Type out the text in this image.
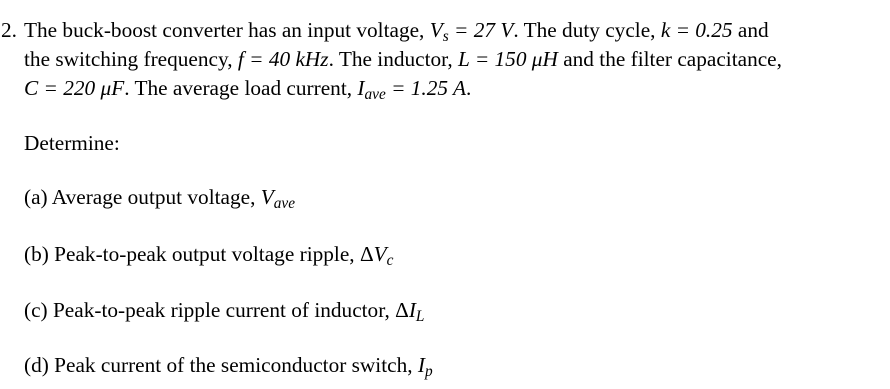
2. The buck-boost converter has an input voltage, $V_s = 27$ V. The duty cycle, k = 0.25 and
the switching frequency, f = 40 kHz. The inductor, L = 150 μH and the filter capacitance,
C = 220 μF. The average load current, $I_{ave} = 1.25$ A.
Determine:
(a) Average output voltage, $V_{ave}$
(b) Peak-to-peak output voltage ripple, $\Delta V_c$
(c) Peak-to-peak ripple current of inductor, $\Delta I_L$
(d) Peak current of the semiconductor switch, $I_p$
